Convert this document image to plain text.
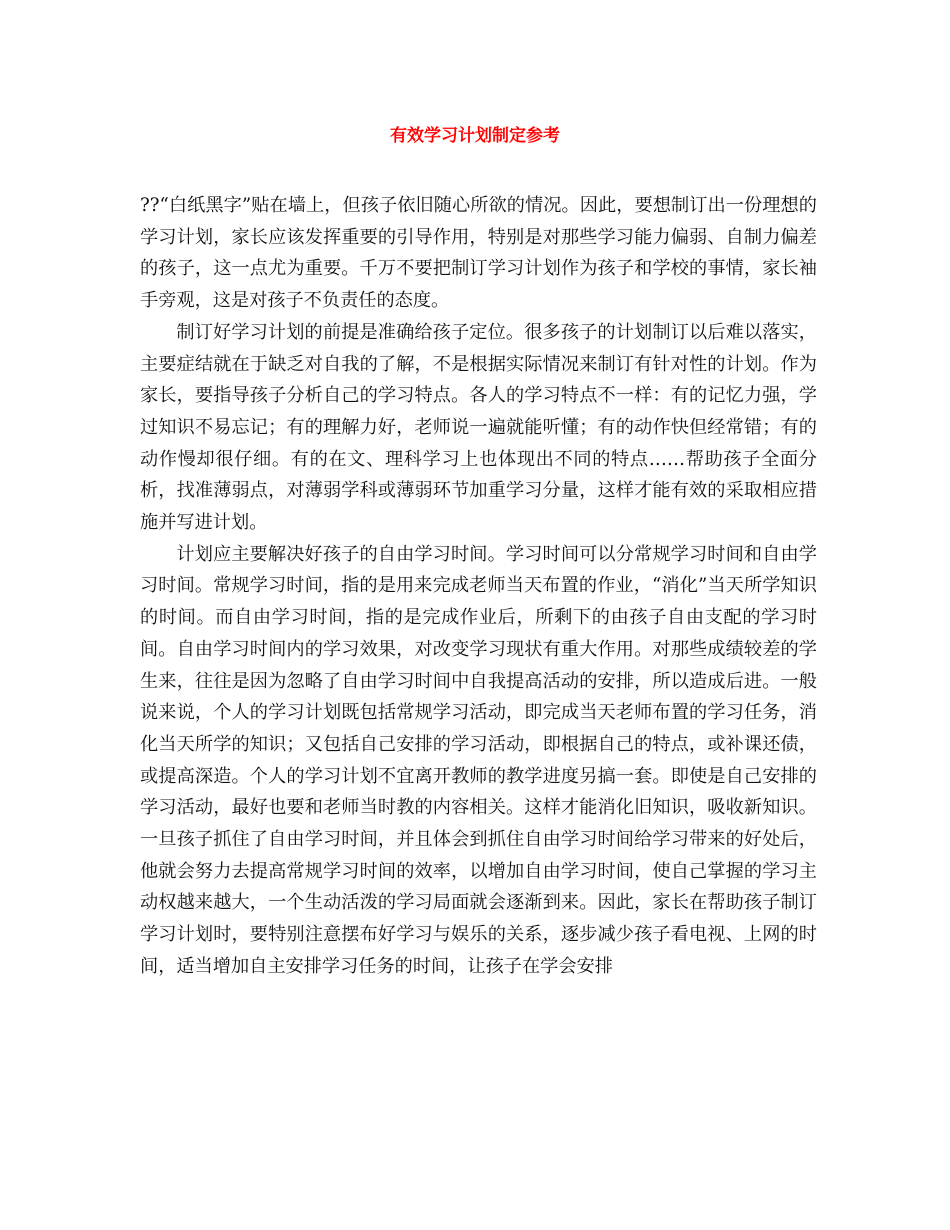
有效学习计划制定参考

??“白纸黑字”贴在墙上，但孩子依旧随心所欲的情况。因此，要想制订出一份理想的学习计划，家长应该发挥重要的引导作用，特别是对那些学习能力偏弱、自制力偏差的孩子，这一点尤为重要。千万不要把制订学习计划作为孩子和学校的事情，家长袖手旁观，这是对孩子不负责任的态度。

制订好学习计划的前提是准确给孩子定位。很多孩子的计划制订以后难以落实，主要症结就在于缺乏对自我的了解，不是根据实际情况来制订有针对性的计划。作为家长，要指导孩子分析自己的学习特点。各人的学习特点不一样：有的记忆力强，学过知识不易忘记；有的理解力好，老师说一遍就能听懂；有的动作快但经常错；有的动作慢却很仔细。有的在文、理科学习上也体现出不同的特点……帮助孩子全面分析，找准薄弱点，对薄弱学科或薄弱环节加重学习分量，这样才能有效的采取相应措施并写进计划。

计划应主要解决好孩子的自由学习时间。学习时间可以分常规学习时间和自由学习时间。常规学习时间，指的是用来完成老师当天布置的作业，“消化”当天所学知识的时间。而自由学习时间，指的是完成作业后，所剩下的由孩子自由支配的学习时间。自由学习时间内的学习效果，对改变学习现状有重大作用。对那些成绩较差的学生来，往往是因为忽略了自由学习时间中自我提高活动的安排，所以造成后进。一般说来说，个人的学习计划既包括常规学习活动，即完成当天老师布置的学习任务，消化当天所学的知识；又包括自己安排的学习活动，即根据自己的特点，或补课还债，或提高深造。个人的学习计划不宜离开教师的教学进度另搞一套。即使是自己安排的学习活动，最好也要和老师当时教的内容相关。这样才能消化旧知识，吸收新知识。一旦孩子抓住了自由学习时间，并且体会到抓住自由学习时间给学习带来的好处后，他就会努力去提高常规学习时间的效率，以增加自由学习时间，使自己掌握的学习主动权越来越大，一个生动活泼的学习局面就会逐渐到来。因此，家长在帮助孩子制订学习计划时，要特别注意摆布好学习与娱乐的关系，逐步减少孩子看电视、上网的时间，适当增加自主安排学习任务的时间，让孩子在学会安排
